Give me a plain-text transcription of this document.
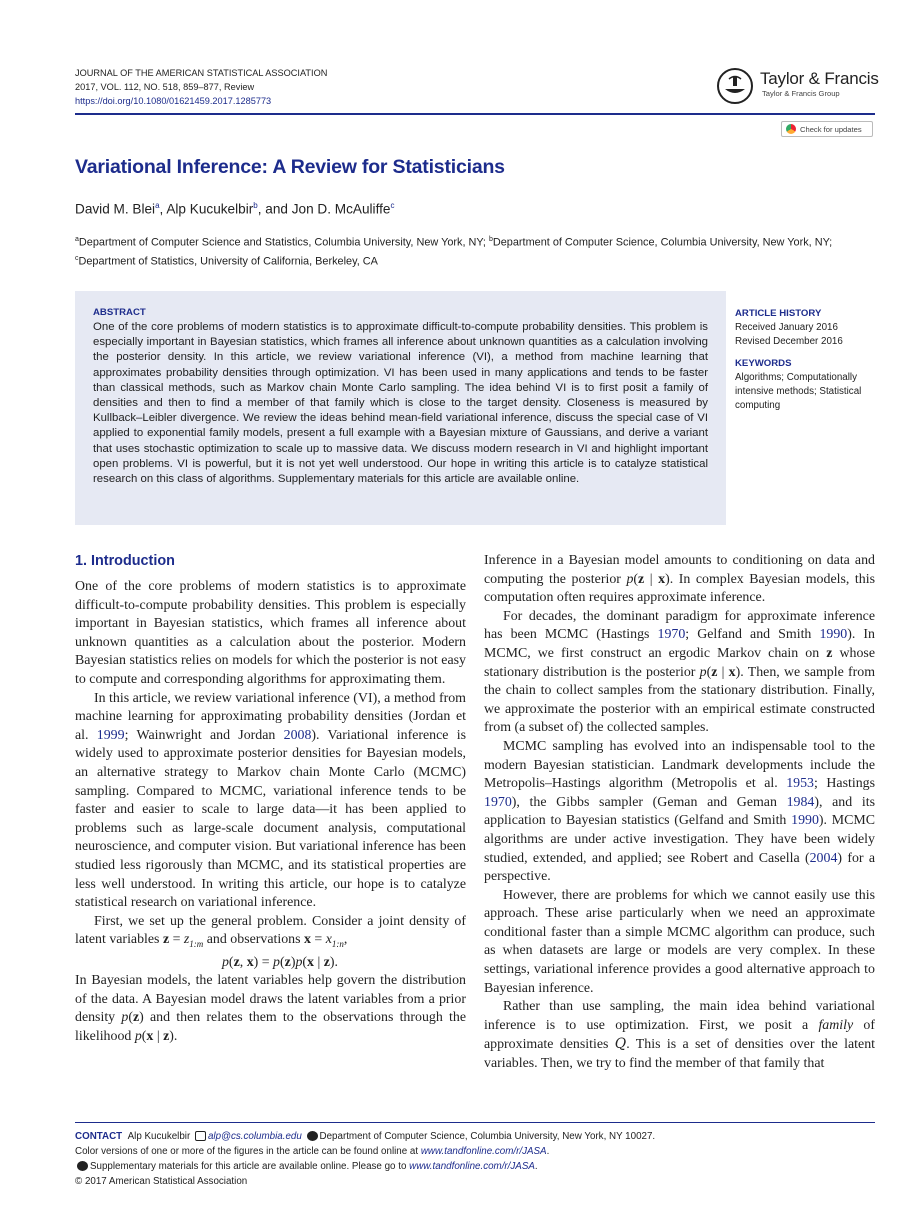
JOURNAL OF THE AMERICAN STATISTICAL ASSOCIATION
2017, VOL. 112, NO. 518, 859–877, Review
https://doi.org/10.1080/01621459.2017.1285773
Taylor & Francis
Taylor & Francis Group
Check for updates
Variational Inference: A Review for Statisticians
David M. Blei$^a$, Alp Kucukelbir$^b$, and Jon D. McAuliffe$^c$
$^a$Department of Computer Science and Statistics, Columbia University, New York, NY; $^b$Department of Computer Science, Columbia University, New York, NY; $^c$Department of Statistics, University of California, Berkeley, CA
ABSTRACT
One of the core problems of modern statistics is to approximate difficult-to-compute probability densities. This problem is especially important in Bayesian statistics, which frames all inference about unknown quantities as a calculation involving the posterior density. In this article, we review variational inference (VI), a method from machine learning that approximates probability densities through optimization. VI has been used in many applications and tends to be faster than classical methods, such as Markov chain Monte Carlo sampling. The idea behind VI is to first posit a family of densities and then to find a member of that family which is close to the target density. Closeness is measured by Kullback–Leibler divergence. We review the ideas behind mean-field variational inference, discuss the special case of VI applied to exponential family models, present a full example with a Bayesian mixture of Gaussians, and derive a variant that uses stochastic optimization to scale up to massive data. We discuss modern research in VI and highlight important open problems. VI is powerful, but it is not yet well understood. Our hope in writing this article is to catalyze statistical research on this class of algorithms. Supplementary materials for this article are available online.
ARTICLE HISTORY
Received January 2016
Revised December 2016
KEYWORDS
Algorithms; Computationally intensive methods; Statistical computing
1. Introduction

One of the core problems of modern statistics is to approximate difficult-to-compute probability densities. This problem is especially important in Bayesian statistics, which frames all inference about unknown quantities as a calculation about the posterior. Modern Bayesian statistics relies on models for which the posterior is not easy to compute and corresponding algorithms for approximating them.

In this article, we review variational inference (VI), a method from machine learning for approximating probability densities (Jordan et al. 1999; Wainwright and Jordan 2008). Variational inference is widely used to approximate posterior densities for Bayesian models, an alternative strategy to Markov chain Monte Carlo (MCMC) sampling. Compared to MCMC, variational inference tends to be faster and easier to scale to large data—it has been applied to problems such as large-scale document analysis, computational neuroscience, and computer vision. But variational inference has been studied less rigorously than MCMC, and its statistical properties are less well understood. In writing this article, our hope is to catalyze statistical research on variational inference.

First, we set up the general problem. Consider a joint density of latent variables $z = z_{1:m}$ and observations $x = x_{1:n}$,

p(z, x) = p(z)p(x | z).

In Bayesian models, the latent variables help govern the distribution of the data. A Bayesian model draws the latent variables from a prior density p(z) and then relates them to the observations through the likelihood p(x | z).

Inference in a Bayesian model amounts to conditioning on data and computing the posterior p(z | x). In complex Bayesian models, this computation often requires approximate inference.

For decades, the dominant paradigm for approximate inference has been MCMC (Hastings 1970; Gelfand and Smith 1990). In MCMC, we first construct an ergodic Markov chain on z whose stationary distribution is the posterior p(z | x). Then, we sample from the chain to collect samples from the stationary distribution. Finally, we approximate the posterior with an empirical estimate constructed from (a subset of) the collected samples.

MCMC sampling has evolved into an indispensable tool to the modern Bayesian statistician. Landmark developments include the Metropolis–Hastings algorithm (Metropolis et al. 1953; Hastings 1970), the Gibbs sampler (Geman and Geman 1984), and its application to Bayesian statistics (Gelfand and Smith 1990). MCMC algorithms are under active investigation. They have been widely studied, extended, and applied; see Robert and Casella (2004) for a perspective.

However, there are problems for which we cannot easily use this approach. These arise particularly when we need an approximate conditional faster than a simple MCMC algorithm can produce, such as when datasets are large or models are very complex. In these settings, variational inference provides a good alternative approach to Bayesian inference.

Rather than use sampling, the main idea behind variational inference is to use optimization. First, we posit a family of approximate densities Q. This is a set of densities over the latent variables. Then, we try to find the member of that family that

CONTACT Alp Kucukelbir alp@cs.columbia.edu Department of Computer Science, Columbia University, New York, NY 10027.
Color versions of one or more of the figures in the article can be found online at www.tandfonline.com/r/JASA.
Supplementary materials for this article are available online. Please go to www.tandfonline.com/r/JASA.
© 2017 American Statistical Association
